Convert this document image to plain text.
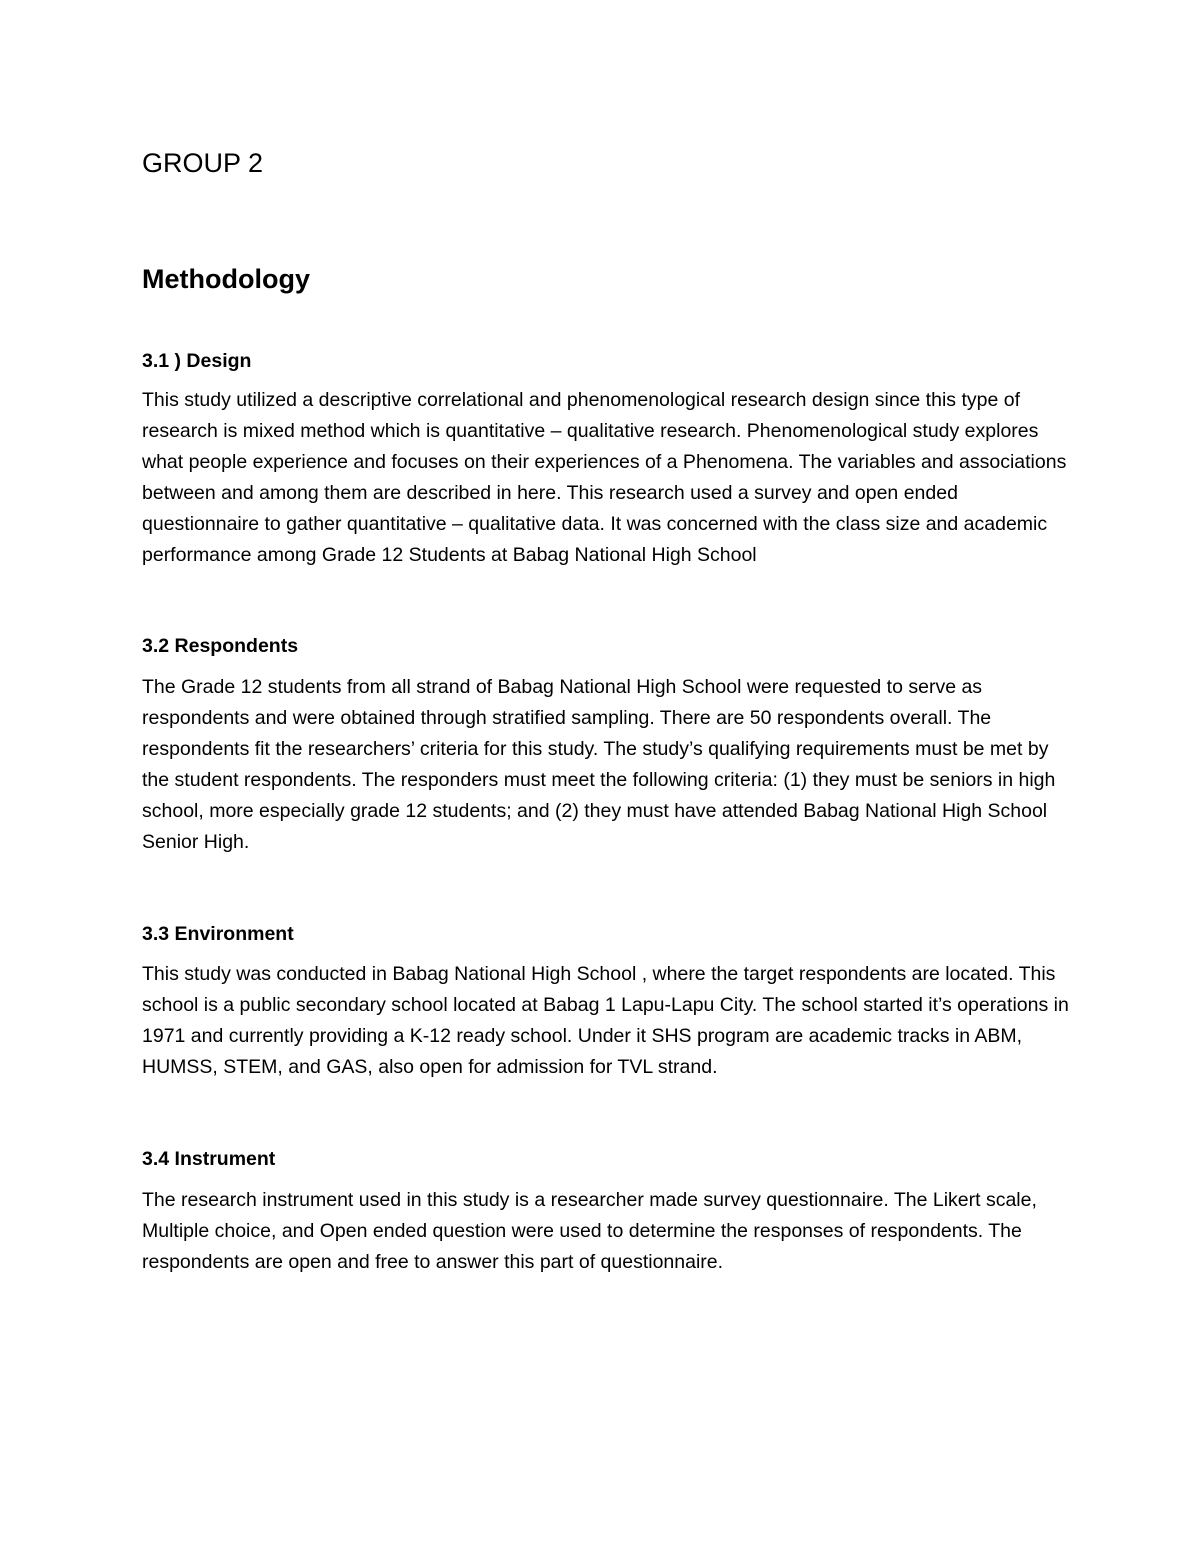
GROUP 2

Methodology

3.1 ) Design

This study utilized a descriptive correlational and phenomenological research design since this type of research is mixed method which is quantitative – qualitative research. Phenomenological study explores what people experience and focuses on their experiences of a Phenomena. The variables and associations between and among them are described in here. This research used a survey and open ended questionnaire to gather quantitative – qualitative data. It was concerned with the class size and academic performance among Grade 12 Students at Babag National High School

3.2 Respondents

The Grade 12 students from all strand of Babag National High School were requested to serve as respondents and were obtained through stratified sampling. There are 50 respondents overall. The respondents fit the researchers’ criteria for this study. The study’s qualifying requirements must be met by the student respondents. The responders must meet the following criteria: (1) they must be seniors in high school, more especially grade 12 students; and (2) they must have attended Babag National High School Senior High.

3.3 Environment

This study was conducted in Babag National High School , where the target respondents are located. This school is a public secondary school located at Babag 1 Lapu-Lapu City. The school started it’s operations in 1971 and currently providing a K-12 ready school. Under it SHS program are academic tracks in ABM, HUMSS, STEM, and GAS, also open for admission for TVL strand.

3.4 Instrument

The research instrument used in this study is a researcher made survey questionnaire. The Likert scale, Multiple choice, and Open ended question were used to determine the responses of respondents. The respondents are open and free to answer this part of questionnaire.
